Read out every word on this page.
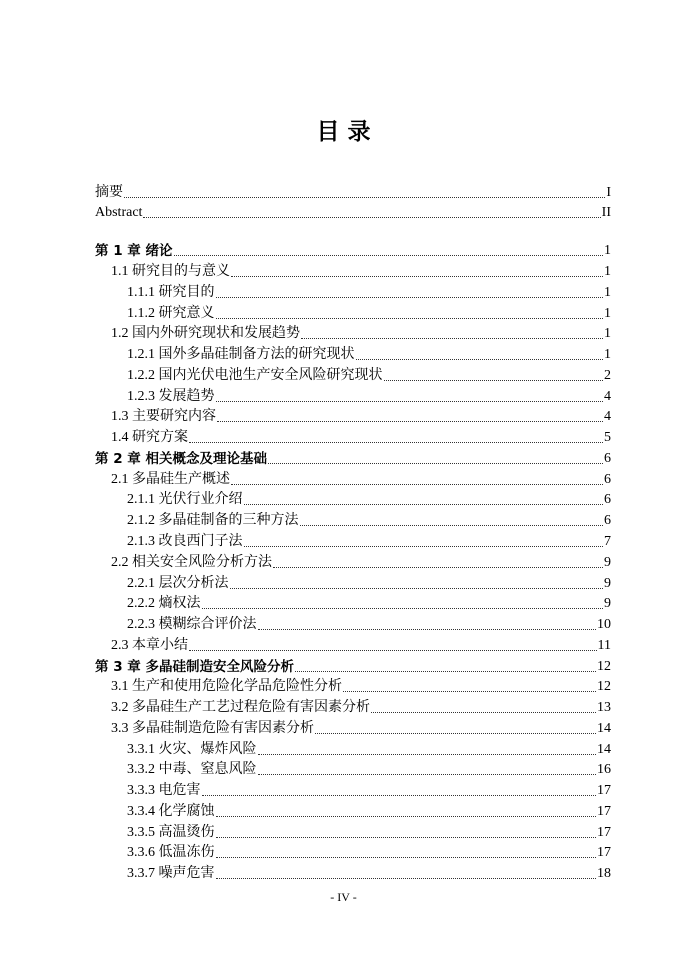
目 录
摘要	I
Abstract	II
第 1 章 绪论	1
1.1 研究目的与意义	1
1.1.1 研究目的	1
1.1.2 研究意义	1
1.2 国内外研究现状和发展趋势	1
1.2.1 国外多晶硅制备方法的研究现状	1
1.2.2 国内光伏电池生产安全风险研究现状	2
1.2.3 发展趋势	4
1.3 主要研究内容	4
1.4 研究方案	5
第 2 章 相关概念及理论基础	6
2.1 多晶硅生产概述	6
2.1.1 光伏行业介绍	6
2.1.2 多晶硅制备的三种方法	6
2.1.3 改良西门子法	7
2.2 相关安全风险分析方法	9
2.2.1 层次分析法	9
2.2.2 熵权法	9
2.2.3 模糊综合评价法	10
2.3 本章小结	11
第 3 章 多晶硅制造安全风险分析	12
3.1 生产和使用危险化学品危险性分析	12
3.2 多晶硅生产工艺过程危险有害因素分析	13
3.3 多晶硅制造危险有害因素分析	14
3.3.1 火灾、爆炸风险	14
3.3.2 中毒、窒息风险	16
3.3.3 电危害	17
3.3.4 化学腐蚀	17
3.3.5 高温烫伤	17
3.3.6 低温冻伤	17
3.3.7 噪声危害	18
- IV -
